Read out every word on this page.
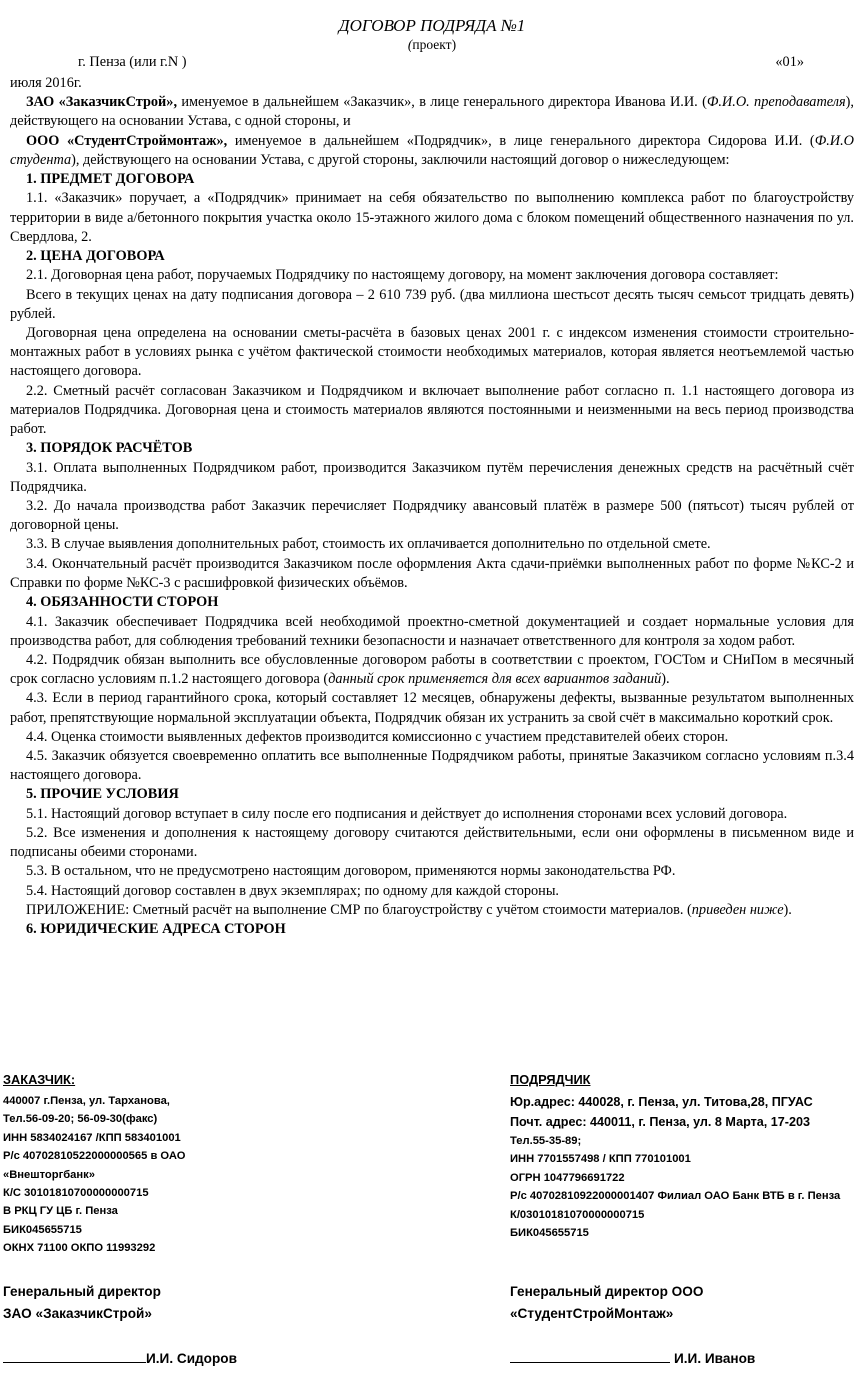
ДОГОВОР ПОДРЯДА №1
(проект)
г. Пенза (или г.N )	«01»

июля 2016г.

ЗАО «ЗаказчикСтрой», именуемое в дальнейшем «Заказчик», в лице генерального директора Иванова И.И. (Ф.И.О. преподавателя), действующего на основании Устава, с одной стороны, и

ООО «СтудентСтроймонтаж», именуемое в дальнейшем «Подрядчик», в лице генерального директора Сидорова И.И. (Ф.И.О студента), действующего на основании Устава, с другой стороны, заключили настоящий договор о нижеследующем:

1. ПРЕДМЕТ ДОГОВОРА

1.1. «Заказчик» поручает, а «Подрядчик» принимает на себя обязательство по выполнению комплекса работ по благоустройству территории в виде а/бетонного покрытия участка около 15-этажного жилого дома с блоком помещений общественного назначения по ул. Свердлова, 2.

2. ЦЕНА ДОГОВОРА

2.1. Договорная цена работ, поручаемых Подрядчику по настоящему договору, на момент заключения договора составляет:

Всего в текущих ценах на дату подписания договора – 2 610 739 руб. (два миллиона шестьсот десять тысяч семьсот тридцать девять) рублей.

Договорная цена определена на основании сметы-расчёта в базовых ценах 2001 г. с индексом изменения стоимости строительно-монтажных работ в условиях рынка с учётом фактической стоимости необходимых материалов, которая является неотъемлемой частью настоящего договора.

2.2. Сметный расчёт согласован Заказчиком и Подрядчиком и включает выполнение работ согласно п. 1.1 настоящего договора из материалов Подрядчика. Договорная цена и стоимость материалов являются постоянными и неизменными на весь период производства работ.

3. ПОРЯДОК РАСЧЁТОВ

3.1. Оплата выполненных Подрядчиком работ, производится Заказчиком путём перечисления денежных средств на расчётный счёт Подрядчика.

3.2. До начала производства работ Заказчик перечисляет Подрядчику авансовый платёж в размере 500 (пятьсот) тысяч рублей от договорной цены.

3.3. В случае выявления дополнительных работ, стоимость их оплачивается дополнительно по отдельной смете.

3.4. Окончательный расчёт производится Заказчиком после оформления Акта сдачи-приёмки выполненных работ по форме №КС-2 и Справки по форме №КС-3 с расшифровкой физических объёмов.

4. ОБЯЗАННОСТИ СТОРОН

4.1. Заказчик обеспечивает Подрядчика всей необходимой проектно-сметной документацией и создает нормальные условия для производства работ, для соблюдения требований техники безопасности и назначает ответственного для контроля за ходом работ.

4.2. Подрядчик обязан выполнить все обусловленные договором работы в соответствии с проектом, ГОСТом и СНиПом в месячный срок согласно условиям п.1.2 настоящего договора (данный срок применяется для всех вариантов заданий).

4.3. Если в период гарантийного срока, который составляет 12 месяцев, обнаружены дефекты, вызванные результатом выполненных работ, препятствующие нормальной эксплуатации объекта, Подрядчик обязан их устранить за свой счёт в максимально короткий срок.

4.4. Оценка стоимости выявленных дефектов производится комиссионно с участием представителей обеих сторон.

4.5. Заказчик обязуется своевременно оплатить все выполненные Подрядчиком работы, принятые Заказчиком согласно условиям п.3.4 настоящего договора.

5. ПРОЧИЕ УСЛОВИЯ

5.1. Настоящий договор вступает в силу после его подписания и действует до исполнения сторонами всех условий договора.

5.2. Все изменения и дополнения к настоящему договору считаются действительными, если они оформлены в письменном виде и подписаны обеими сторонами.

5.3. В остальном, что не предусмотрено настоящим договором, применяются нормы законодательства РФ.

5.4. Настоящий договор составлен в двух экземплярах; по одному для каждой стороны.

ПРИЛОЖЕНИЕ: Сметный расчёт на выполнение СМР по благоустройству с учётом стоимости материалов. (приведен ниже).

6. ЮРИДИЧЕСКИЕ АДРЕСА СТОРОН
ЗАКАЗЧИК:
440007 г.Пенза, ул. Тарханова,
Тел.56-09-20; 56-09-30(факс)
ИНН 5834024167 /КПП 583401001
Р/с 40702810522000000565 в ОАО
«Внешторгбанк»
К/С 30101810700000000715
В РКЦ ГУ ЦБ г. Пенза
БИК045655715
ОКНХ 71100 ОКПО 11993292
ПОДРЯДЧИК
Юр.адрес: 440028, г. Пенза, ул. Титова,28, ПГУАС
Почт. адрес: 440011, г. Пенза, ул. 8 Марта, 17-203
Тел.55-35-89;
ИНН 7701557498 / КПП 770101001
ОГРН 1047796691722
Р/с 40702810922000001407 Филиал ОАО Банк ВТБ в г. Пенза
К/03010181070000000715
БИК045655715
Генеральный директор
ЗАО «ЗаказчикСтрой»
Генеральный директор ООО
«СтудентСтройМонтаж»
И.И. Сидоров	И.И. Иванов
